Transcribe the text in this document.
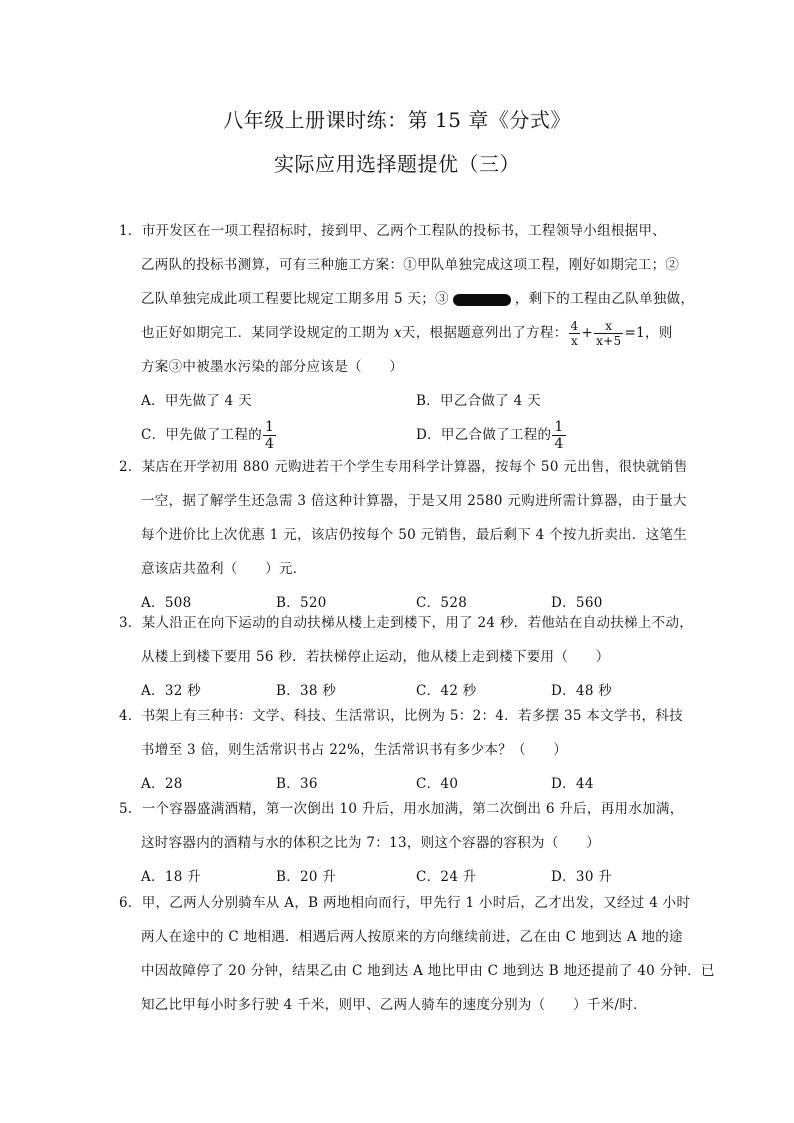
八年级上册课时练：第 15 章《分式》
实际应用选择题提优（三）
1．市开发区在一项工程招标时，接到甲、乙两个工程队的投标书，工程领导小组根据甲、
乙两队的投标书测算，可有三种施工方案：①甲队单独完成这项工程，刚好如期完工；②
乙队单独完成此项工程要比规定工期多用 5 天；③	，剩下的工程由乙队单独做，
也正好如期完工．某同学设规定的工期为 x天，根据题意列出了方程： $\frac{4}{x} + \frac{x}{x+5} =1$，则
方案③中被墨水污染的部分应该是（　　）
A．甲先做了 4 天	B．甲乙合做了 4 天
C．甲先做了工程的 $\frac{1}{4}$	D．甲乙合做了工程的 $\frac{1}{4}$
2．某店在开学初用 880 元购进若干个学生专用科学计算器，按每个 50 元出售，很快就销售
一空，据了解学生还急需 3 倍这种计算器，于是又用 2580 元购进所需计算器，由于量大
每个进价比上次优惠 1 元，该店仍按每个 50 元销售，最后剩下 4 个按九折卖出．这笔生
意该店共盈利（　　）元．
A．508	B．520	C．528	D．560
3．某人沿正在向下运动的自动扶梯从楼上走到楼下，用了 24 秒．若他站在自动扶梯上不动，
从楼上到楼下要用 56 秒．若扶梯停止运动，他从楼上走到楼下要用（　　）
A．32 秒	B．38 秒	C．42 秒	D．48 秒
4．书架上有三种书：文学、科技、生活常识，比例为 5：2：4．若多摆 35 本文学书，科技
书增至 3 倍，则生活常识书占 22%，生活常识书有多少本？（　　）
A．28	B．36	C．40	D．44
5．一个容器盛满酒精，第一次倒出 10 升后，用水加满，第二次倒出 6 升后，再用水加满，
这时容器内的酒精与水的体积之比为 7：13，则这个容器的容积为（　　）
A．18 升	B．20 升	C．24 升	D．30 升
6．甲，乙两人分别骑车从 A，B 两地相向而行，甲先行 1 小时后，乙才出发，又经过 4 小时
两人在途中的 C 地相遇．相遇后两人按原来的方向继续前进，乙在由 C 地到达 A 地的途
中因故障停了 20 分钟，结果乙由 C 地到达 A 地比甲由 C 地到达 B 地还提前了 40 分钟．已
知乙比甲每小时多行驶 4 千米，则甲、乙两人骑车的速度分别为（　　）千米/时．
